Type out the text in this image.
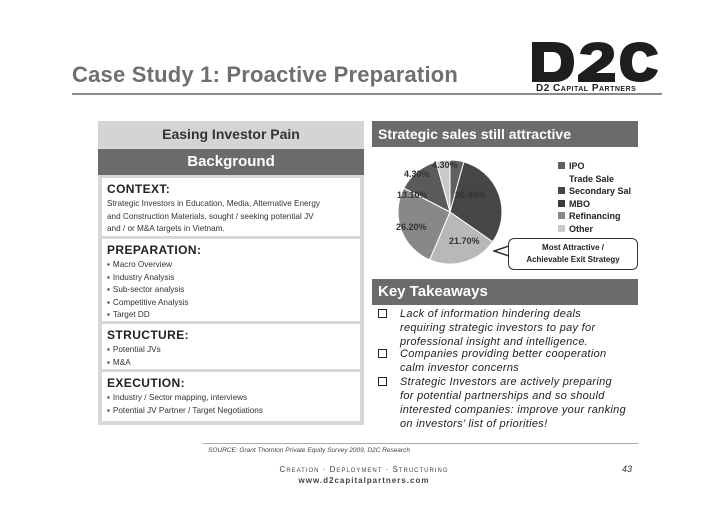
Case Study 1: Proactive Preparation
D2 Capital Partners
Easing Investor Pain
Background
CONTEXT:
Strategic Investors in Education, Media, Alternative Energy
and Construction Materials, sought / seeking potential JV
and / or M&A targets in Vietnam.
PREPARATION:
▪ Macro Overview
▪ Industry Analysis
▪ Sub-sector analysis
▪ Competitive Analysis
▪ Target DD
STRUCTURE:
▪ Potential JVs
▪ M&A
EXECUTION:
▪ Industry / Sector mapping, interviews
▪ Potential JV Partner / Target Negotiations
Strategic sales still attractive
4.30%
4.30%
30.40%
13.10%
26.20%
21.70%
IPO
Trade Sale
Secondary Sal
MBO
Refinancing
Other
Most Attractive /
Achievable Exit Strategy
Key Takeaways
Lack of information hindering deals
requiring strategic investors to pay for
professional insight and intelligence.
Companies providing better cooperation
calm investor concerns
Strategic Investors are actively preparing
for potential partnerships and so should
interested companies: improve your ranking
on investors’ list of priorities!
SOURCE: Grant Thornton Private Equity Survey 2009, D2C Research
Creation · Deployment · Structuring
www.d2capitalpartners.com
43
